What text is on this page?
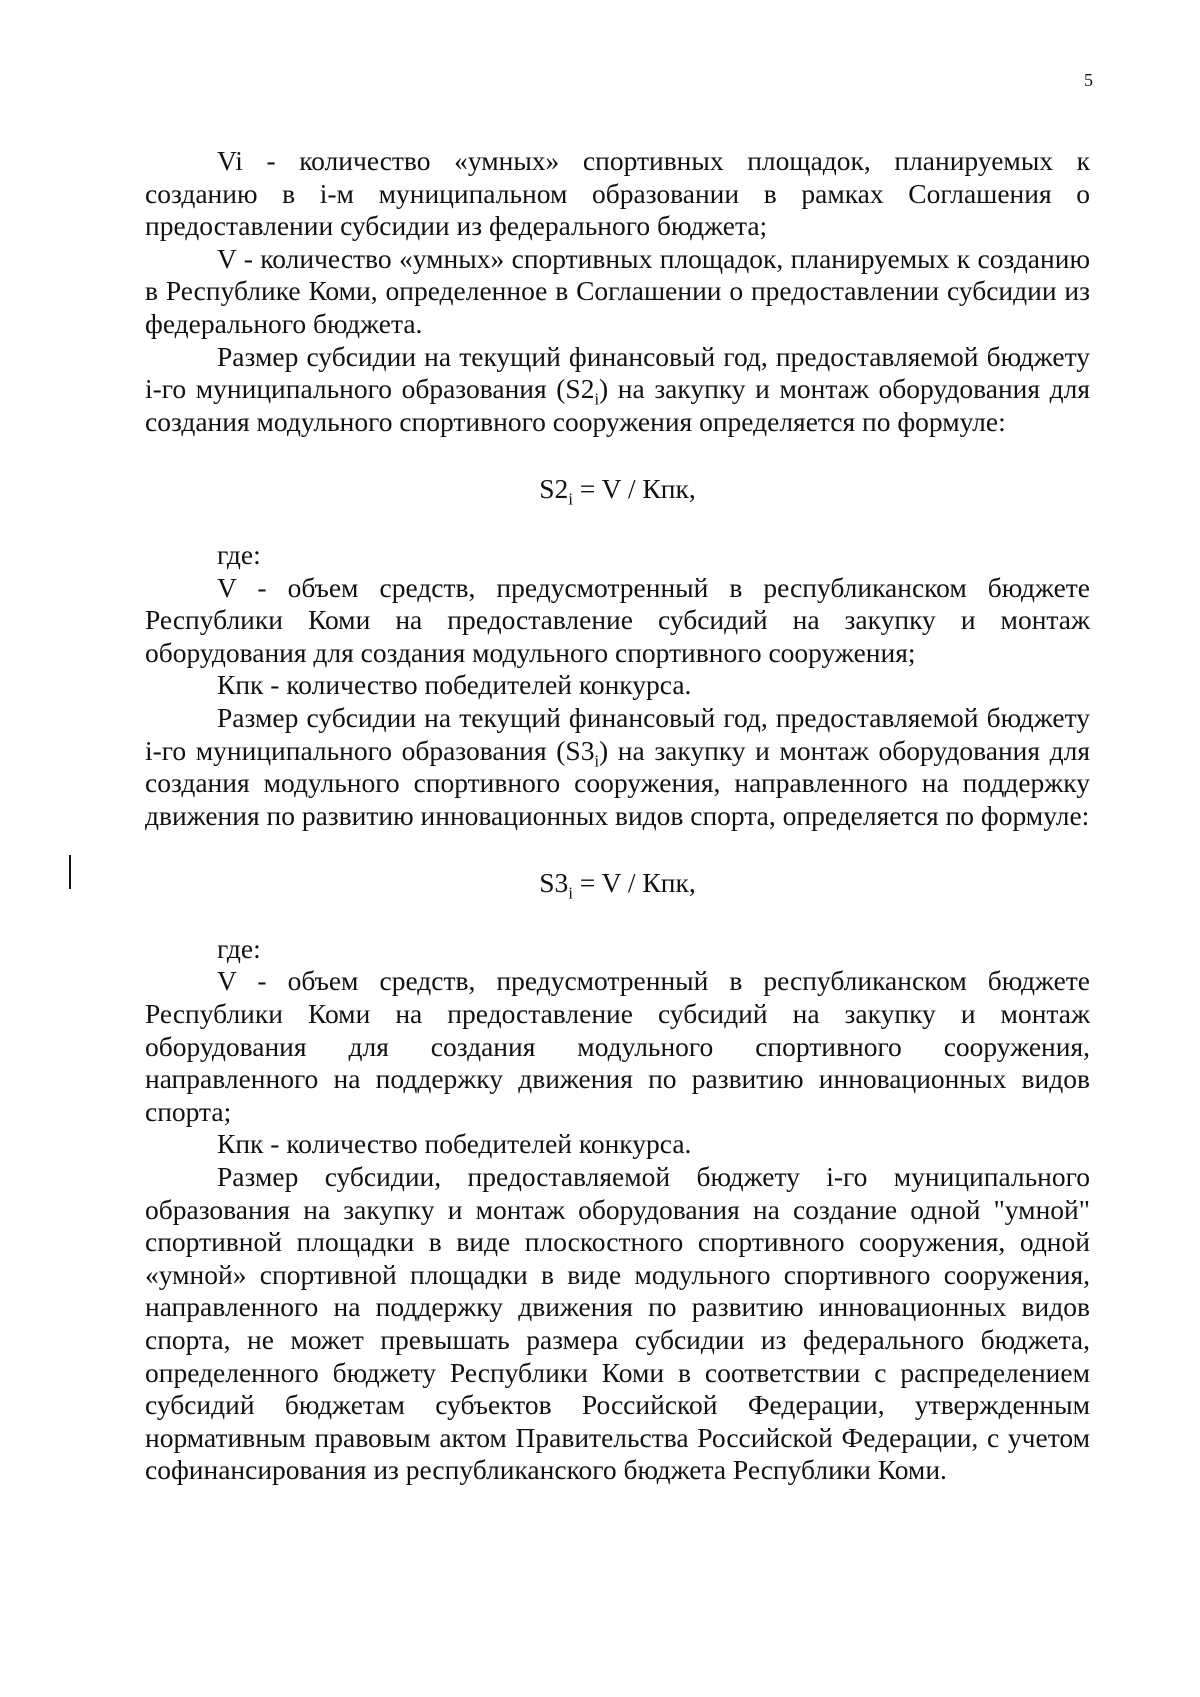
5

Vi - количество «умных» спортивных площадок, планируемых к созданию в i-м муниципальном образовании в рамках Соглашения о предоставлении субсидии из федерального бюджета;

V - количество «умных» спортивных площадок, планируемых к созданию в Республике Коми, определенное в Соглашении о предоставлении субсидии из федерального бюджета.

Размер субсидии на текущий финансовый год, предоставляемой бюджету i-го муниципального образования $(S2_i)$ на закупку и монтаж оборудования для создания модульного спортивного сооружения определяется по формуле:

$S2_i = V$ / Кпк,

где:

V - объем средств, предусмотренный в республиканском бюджете Республики Коми на предоставление субсидий на закупку и монтаж оборудования для создания модульного спортивного сооружения;

Кпк - количество победителей конкурса.

Размер субсидии на текущий финансовый год, предоставляемой бюджету i-го муниципального образования $(S3_i)$ на закупку и монтаж оборудования для создания модульного спортивного сооружения, направленного на поддержку движения по развитию инновационных видов спорта, определяется по формуле:

$S3_i = V$ / Кпк,

где:

V - объем средств, предусмотренный в республиканском бюджете Республики Коми на предоставление субсидий на закупку и монтаж оборудования для создания модульного спортивного сооружения, направленного на поддержку движения по развитию инновационных видов спорта;

Кпк - количество победителей конкурса.

Размер субсидии, предоставляемой бюджету i-го муниципального образования на закупку и монтаж оборудования на создание одной "умной" спортивной площадки в виде плоскостного спортивного сооружения, одной «умной» спортивной площадки в виде модульного спортивного сооружения, направленного на поддержку движения по развитию инновационных видов спорта, не может превышать размера субсидии из федерального бюджета, определенного бюджету Республики Коми в соответствии с распределением субсидий бюджетам субъектов Российской Федерации, утвержденным нормативным правовым актом Правительства Российской Федерации, с учетом софинансирования из республиканского бюджета Республики Коми.
